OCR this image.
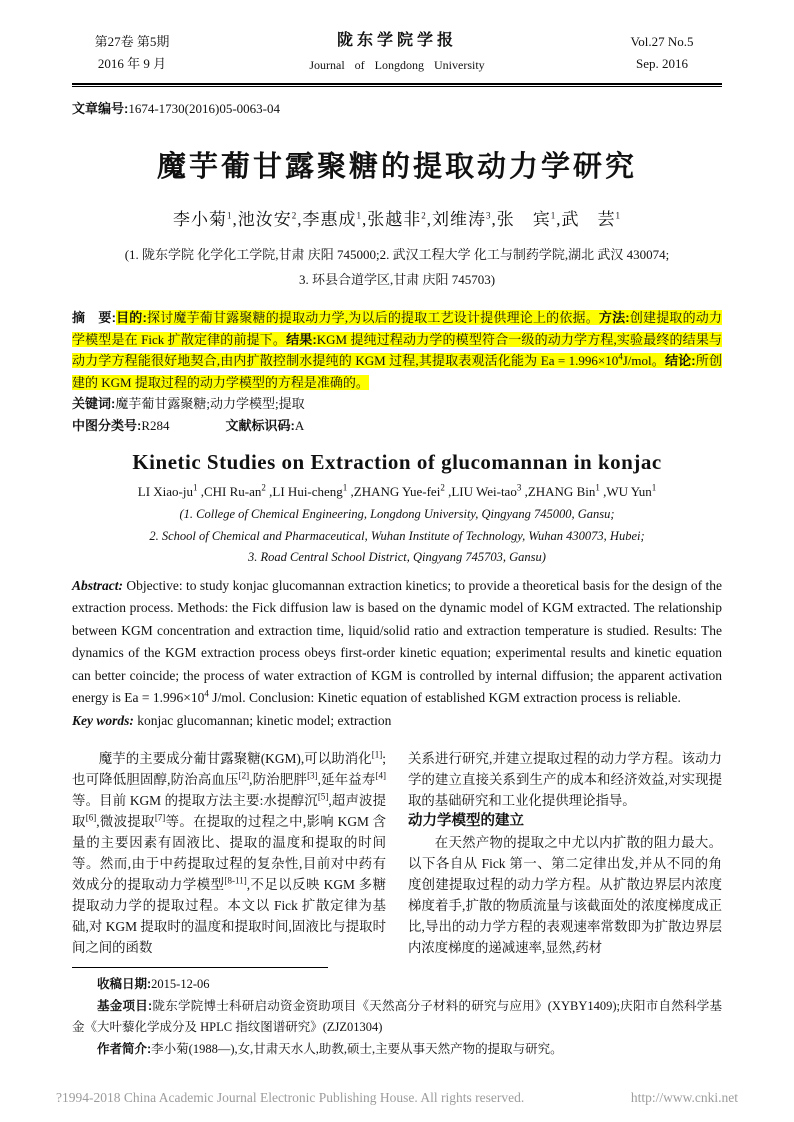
第27卷 第5期
2016 年 9 月
陇东学院学报
Journal of Longdong University
Vol.27 No.5
Sep. 2016
文章编号:1674-1730(2016)05-0063-04
魔芋葡甘露聚糖的提取动力学研究
李小菊$^1$,池汝安$^2$,李惠成$^1$,张越非$^2$,刘维涛$^3$,张　宾$^1$,武　芸$^1$
(1. 陇东学院 化学化工学院,甘肃 庆阳 745000;2. 武汉工程大学 化工与制药学院,湖北 武汉 430074;
3. 环县合道学区,甘肃 庆阳 745703)
摘　要:目的:探讨魔芋葡甘露聚糖的提取动力学,为以后的提取工艺设计提供理论上的依据。方法:创建提取的动力学模型是在 Fick 扩散定律的前提下。结果:KGM 提纯过程动力学的模型符合一级的动力学方程,实验最终的结果与动力学方程能很好地契合,由内扩散控制水提纯的 KGM 过程,其提取表观活化能为 $Ea = 1.996\times 10^4J$/mol。结论:所创建的 KGM 提取过程的动力学模型的方程是准确的。
关键词:魔芋葡甘露聚糖;动力学模型;提取
中图分类号:R284	文献标识码:A
Kinetic Studies on Extraction of glucomannan in konjac
LI Xiao-$ju^1$ ,CHI $Ru-an^2$ ,LI Hui-cheng$^1$ ,ZHANG Yue-fei$^2$ ,LIU Wei-tao$^3$ ,ZHANG Bin$^1$ ,WU Yun$^1$
(1. College of Chemical Engineering, Longdong University, Qingyang 745000, Gansu;
2. School of Chemical and Pharmaceutical, Wuhan Institute of Technology, Wuhan 430073, Hubei;
3. Road Central School District, Qingyang 745703, Gansu)
Abstract: Objective: to study konjac glucomannan extraction kinetics; to provide a theoretical basis for the design of the extraction process. Methods: the Fick diffusion law is based on the dynamic model of KGM extracted. The relationship between KGM concentration and extraction time, liquid/solid ratio and extraction temperature is studied. Results: The dynamics of the KGM extraction process obeys first-order kinetic equation; experimental results and kinetic equation can better coincide; the process of water extraction of KGM is controlled by internal diffusion; the apparent activation energy is $Ea = 1.996\times 10^4$ J/mol. Conclusion: Kinetic equation of established KGM extraction process is reliable.
Key words: konjac glucomannan; kinetic model; extraction

魔芋的主要成分葡甘露聚糖(KGM),可以助消化[1];也可降低胆固醇,防治高血压[2],防治肥胖[3],延年益寿[4]等。目前 KGM 的提取方法主要:水提醇沉[5],超声波提取[6],微波提取[7]等。在提取的过程之中,影响 KGM 含量的主要因素有固液比、提取的温度和提取的时间等。然而,由于中药提取过程的复杂性,目前对中药有效成分的提取动力学模型[8-11],不足以反映 KGM 多糖提取动力学的提取过程。本文以 Fick 扩散定律为基础,对 KGM 提取时的温度和提取时间,固液比与提取时间之间的函数

关系进行研究,并建立提取过程的动力学方程。该动力学的建立直接关系到生产的成本和经济效益,对实现提取的基础研究和工业化提供理论指导。

动力学模型的建立

在天然产物的提取之中尤以内扩散的阻力最大。以下各自从 Fick 第一、第二定律出发,并从不同的角度创建提取过程的动力学方程。从扩散边界层内浓度梯度着手,扩散的物质流量与该截面处的浓度梯度成正比,导出的动力学方程的表观速率常数即为扩散边界层内浓度梯度的递减速率,显然,药材

收稿日期:2015-12-06

基金项目:陇东学院博士科研启动资金资助项目《天然高分子材料的研究与应用》(XYBY1409);庆阳市自然科学基金《大叶藜化学成分及 HPLC 指纹图谱研究》(ZJZ01304)

作者简介:李小菊(1988—),女,甘肃天水人,助教,硕士,主要从事天然产物的提取与研究。

?1994-2018 China Academic Journal Electronic Publishing House. All rights reserved.	http://www.cnki.net
